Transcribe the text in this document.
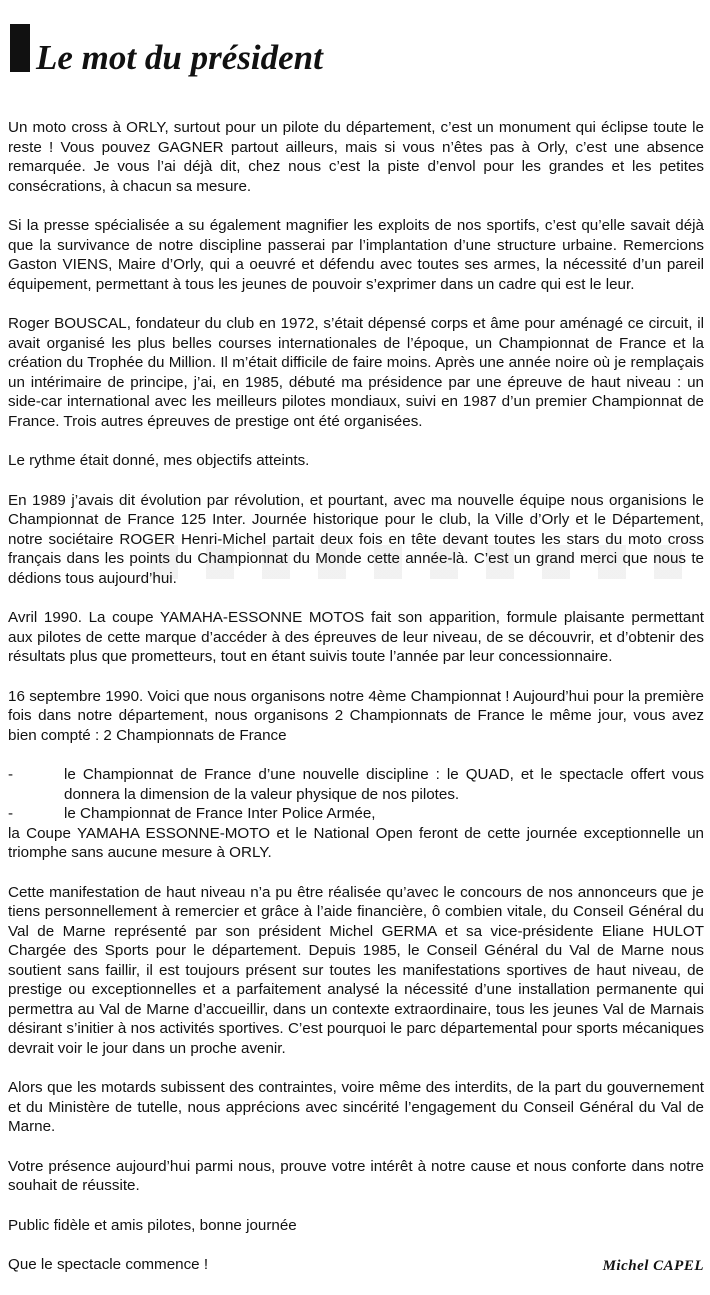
Le mot du président

Un moto cross à ORLY, surtout pour un pilote du département, c’est un monument qui éclipse toute le reste ! Vous pouvez GAGNER partout ailleurs, mais si vous n’êtes pas à Orly, c’est une absence remarquée. Je vous l’ai déjà dit, chez nous c’est la piste d’envol pour les grandes et les petites consécrations, à chacun sa mesure.

Si la presse spécialisée a su également magnifier les exploits de nos sportifs, c’est qu’elle savait déjà que la survivance de notre discipline passerai par l’implantation d’une structure urbaine. Remercions Gaston VIENS, Maire d’Orly, qui a oeuvré et défendu avec toutes ses armes, la nécessité d’un pareil équipement, permettant à tous les jeunes de pouvoir s’exprimer dans un cadre qui est le leur.

Roger BOUSCAL, fondateur du club en 1972, s’était dépensé corps et âme pour aménagé ce circuit, il avait organisé les plus belles courses internationales de l’époque, un Championnat de France et la création du Trophée du Million. Il m’était difficile de faire moins. Après une année noire où je remplaçais un intérimaire de principe, j’ai, en 1985, débuté ma présidence par une épreuve de haut niveau : un side-car international avec les meilleurs pilotes mondiaux, suivi en 1987 d’un premier Championnat de France. Trois autres épreuves de prestige ont été organisées.

Le rythme était donné, mes objectifs atteints.

En 1989 j’avais dit évolution par révolution, et pourtant, avec ma nouvelle équipe nous organisions le Championnat de France 125 Inter. Journée historique pour le club, la Ville d’Orly et le Département, notre sociétaire ROGER Henri-Michel partait deux fois en tête devant toutes les stars du moto cross français dans les points du Championnat du Monde cette année-là. C’est un grand merci que nous te dédions tous aujourd’hui.

Avril 1990. La coupe YAMAHA-ESSONNE MOTOS fait son apparition, formule plaisante permettant aux pilotes de cette marque d’accéder à des épreuves de leur niveau, de se découvrir, et d’obtenir des résultats plus que prometteurs, tout en étant suivis toute l’année par leur concessionnaire.

16 septembre 1990. Voici que nous organisons notre 4ème Championnat ! Aujourd’hui pour la première fois dans notre département, nous organisons 2 Championnats de France le même jour, vous avez bien compté : 2 Championnats de France

-	le Championnat de France d’une nouvelle discipline : le QUAD, et le spectacle offert vous donnera la dimension de la valeur physique de nos pilotes.
-	le Championnat de France Inter Police Armée,

la Coupe YAMAHA ESSONNE-MOTO et le National Open feront de cette journée exceptionnelle un triomphe sans aucune mesure à ORLY.

Cette manifestation de haut niveau n’a pu être réalisée qu’avec le concours de nos annonceurs que je tiens personnellement à remercier et grâce à l’aide financière, ô combien vitale, du Conseil Général du Val de Marne représenté par son président Michel GERMA et sa vice-présidente Eliane HULOT Chargée des Sports pour le département. Depuis 1985, le Conseil Général du Val de Marne nous soutient sans faillir, il est toujours présent sur toutes les manifestations sportives de haut niveau, de prestige ou exceptionnelles et a parfaitement analysé la nécessité d’une installation permanente qui permettra au Val de Marne d’accueillir, dans un contexte extraordinaire, tous les jeunes Val de Marnais désirant s’initier à nos activités sportives. C’est pourquoi le parc départemental pour sports mécaniques devrait voir le jour dans un proche avenir.

Alors que les motards subissent des contraintes, voire même des interdits, de la part du gouvernement et du Ministère de tutelle, nous apprécions avec sincérité l’engagement du Conseil Général du Val de Marne.

Votre présence aujourd’hui parmi nous, prouve votre intérêt à notre cause et nous conforte dans notre souhait de réussite.

Public fidèle et amis pilotes, bonne journée

Que le spectacle commence !	Michel CAPEL
